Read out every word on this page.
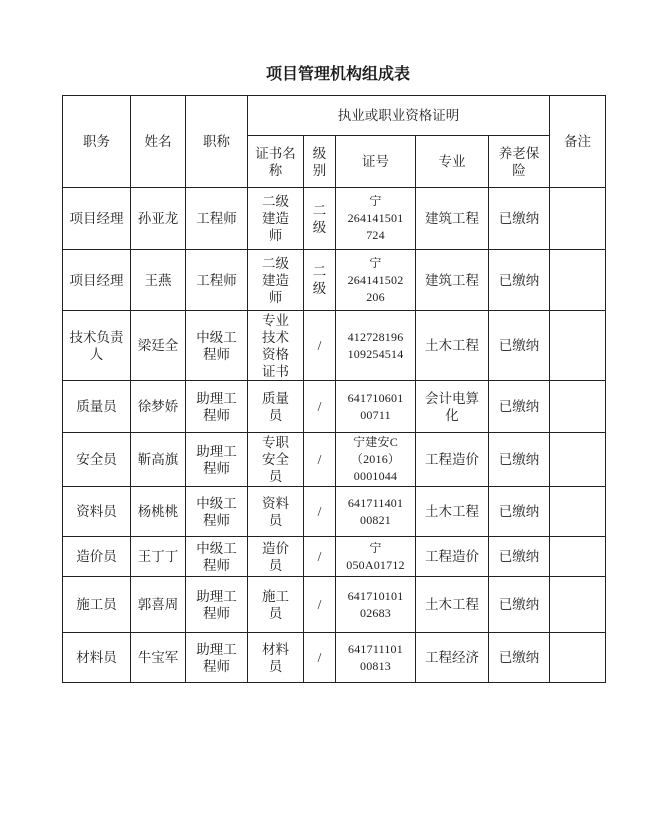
项目管理机构组成表
职务	姓名	职称	执业或职业资格证明					备注
			证书名称	级别	证号	专业	养老保险	
项目经理	孙亚龙	工程师	二级建造师	二级	宁264141501724	建筑工程	已缴纳	
项目经理	王燕	工程师	二级建造师	二级	宁264141502206	建筑工程	已缴纳	
技术负责人	梁廷全	中级工程师	专业技术资格证书	/	412728196109254514	土木工程	已缴纳	
质量员	徐梦娇	助理工程师	质量员	/	64171060100711	会计电算化	已缴纳	
安全员	靳高旗	助理工程师	专职安全员	/	宁建安C（2016）0001044	工程造价	已缴纳	
资料员	杨桃桃	中级工程师	资料员	/	64171140100821	土木工程	已缴纳	
造价员	王丁丁	中级工程师	造价员	/	宁050A01712	工程造价	已缴纳	
施工员	郭喜周	助理工程师	施工员	/	64171010102683	土木工程	已缴纳	
材料员	牛宝军	助理工程师	材料员	/	64171110100813	工程经济	已缴纳	
